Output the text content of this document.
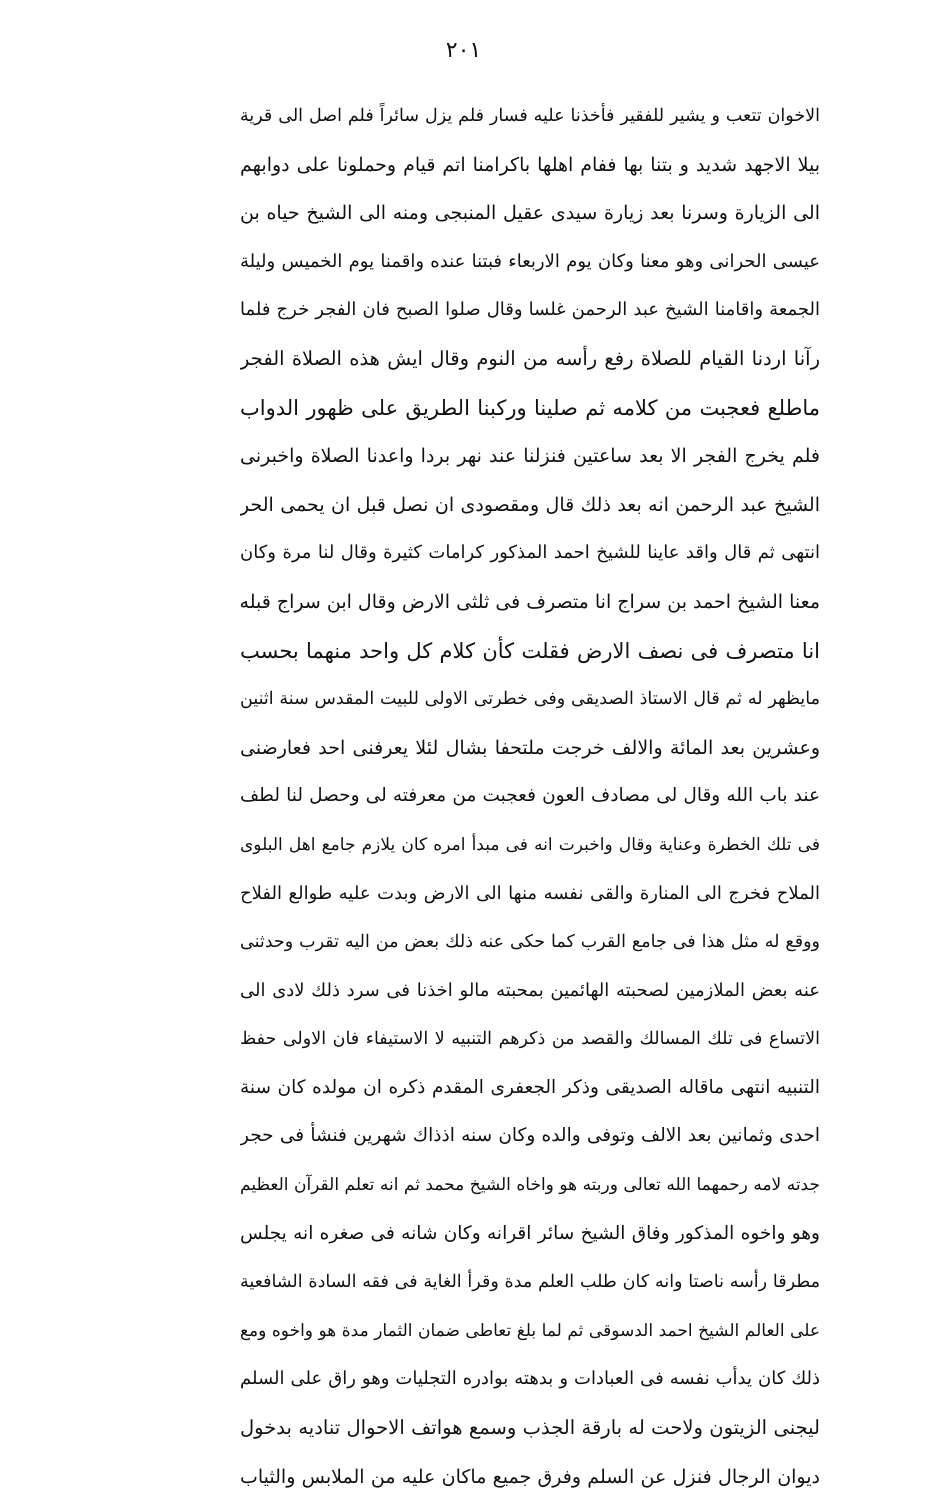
٢٠١
الاخوان تتعب و يشير للفقير فأخذنا عليه فسار فلم يزل سائراً فلم اصل الى قرية
بيلا الاجهد شديد و بتنا بها ففام اهلها باكرامنا اتم قيام وحملونا على دوابهم
الى الزيارة وسرنا بعد زيارة سيدى عقيل المنبجى ومنه الى الشيخ حياه بن
عيسى الحرانى وهو معنا وكان يوم الاربعاء فبتنا عنده واقمنا يوم الخميس وليلة
الجمعة واقامنا الشيخ عبد الرحمن غلسا وقال صلوا الصبح فان الفجر خرج فلما
رآنا اردنا القيام للصلاة رفع رأسه من النوم وقال ايش هذه الصلاة الفجر
ماطلع فعجبت من كلامه ثم صلينا وركبنا الطريق على ظهور الدواب
فلم يخرج الفجر الا بعد ساعتين فنزلنا عند نهر بردا واعدنا الصلاة واخبرنى
الشيخ عبد الرحمن انه بعد ذلك قال ومقصودى ان نصل قبل ان يحمى الحر
انتهى ثم قال واقد عاينا للشيخ احمد المذكور كرامات كثيرة وقال لنا مرة وكان
معنا الشيخ احمد بن سراج انا متصرف فى ثلثى الارض وقال ابن سراج قبله
انا متصرف فى نصف الارض فقلت كأن كلام كل واحد منهما بحسب
مايظهر له ثم قال الاستاذ الصديقى وفى خطرتى الاولى للبيت المقدس سنة اثنين
وعشرين بعد المائة والالف خرجت ملتحفا بشال لئلا يعرفنى احد فعارضنى
عند باب الله وقال لى مصادف العون فعجبت من معرفته لى وحصل لنا لطف
فى تلك الخطرة وعناية وقال واخبرت انه فى مبدأ امره كان يلازم جامع اهل البلوى
الملاح فخرج الى المنارة والقى نفسه منها الى الارض وبدت عليه طوالع الفلاح
ووقع له مثل هذا فى جامع القرب كما حكى عنه ذلك بعض من اليه تقرب وحدثنى
عنه بعض الملازمين لصحبته الهائمين بمحبته مالو اخذنا فى سرد ذلك لادى الى
الاتساع فى تلك المسالك والقصد من ذكرهم التنبيه لا الاستيفاء فان الاولى حفظ
التنبيه انتهى ماقاله الصديقى وذكر الجعفرى المقدم ذكره ان مولده كان سنة
احدى وثمانين بعد الالف وتوفى والده وكان سنه اذذاك شهرين فنشأ فى حجر
جدته لامه رحمهما الله تعالى وربته هو واخاه الشيخ محمد ثم انه تعلم القرآن العظيم
وهو واخوه المذكور وفاق الشيخ سائر اقرانه وكان شانه فى صغره انه يجلس
مطرقا رأسه ناصتا وانه كان طلب العلم مدة وقرأ الغاية فى فقه السادة الشافعية
على العالم الشيخ احمد الدسوقى ثم لما بلغ تعاطى ضمان الثمار مدة هو واخوه ومع
ذلك كان يدأب نفسه فى العبادات و بدهته بوادره التجليات وهو راق على السلم
ليجنى الزيتون ولاحت له بارقة الجذب وسمع هواتف الاحوال تناديه بدخول
ديوان الرجال فنزل عن السلم وفرق جميع ماكان عليه من الملابس والثياب
